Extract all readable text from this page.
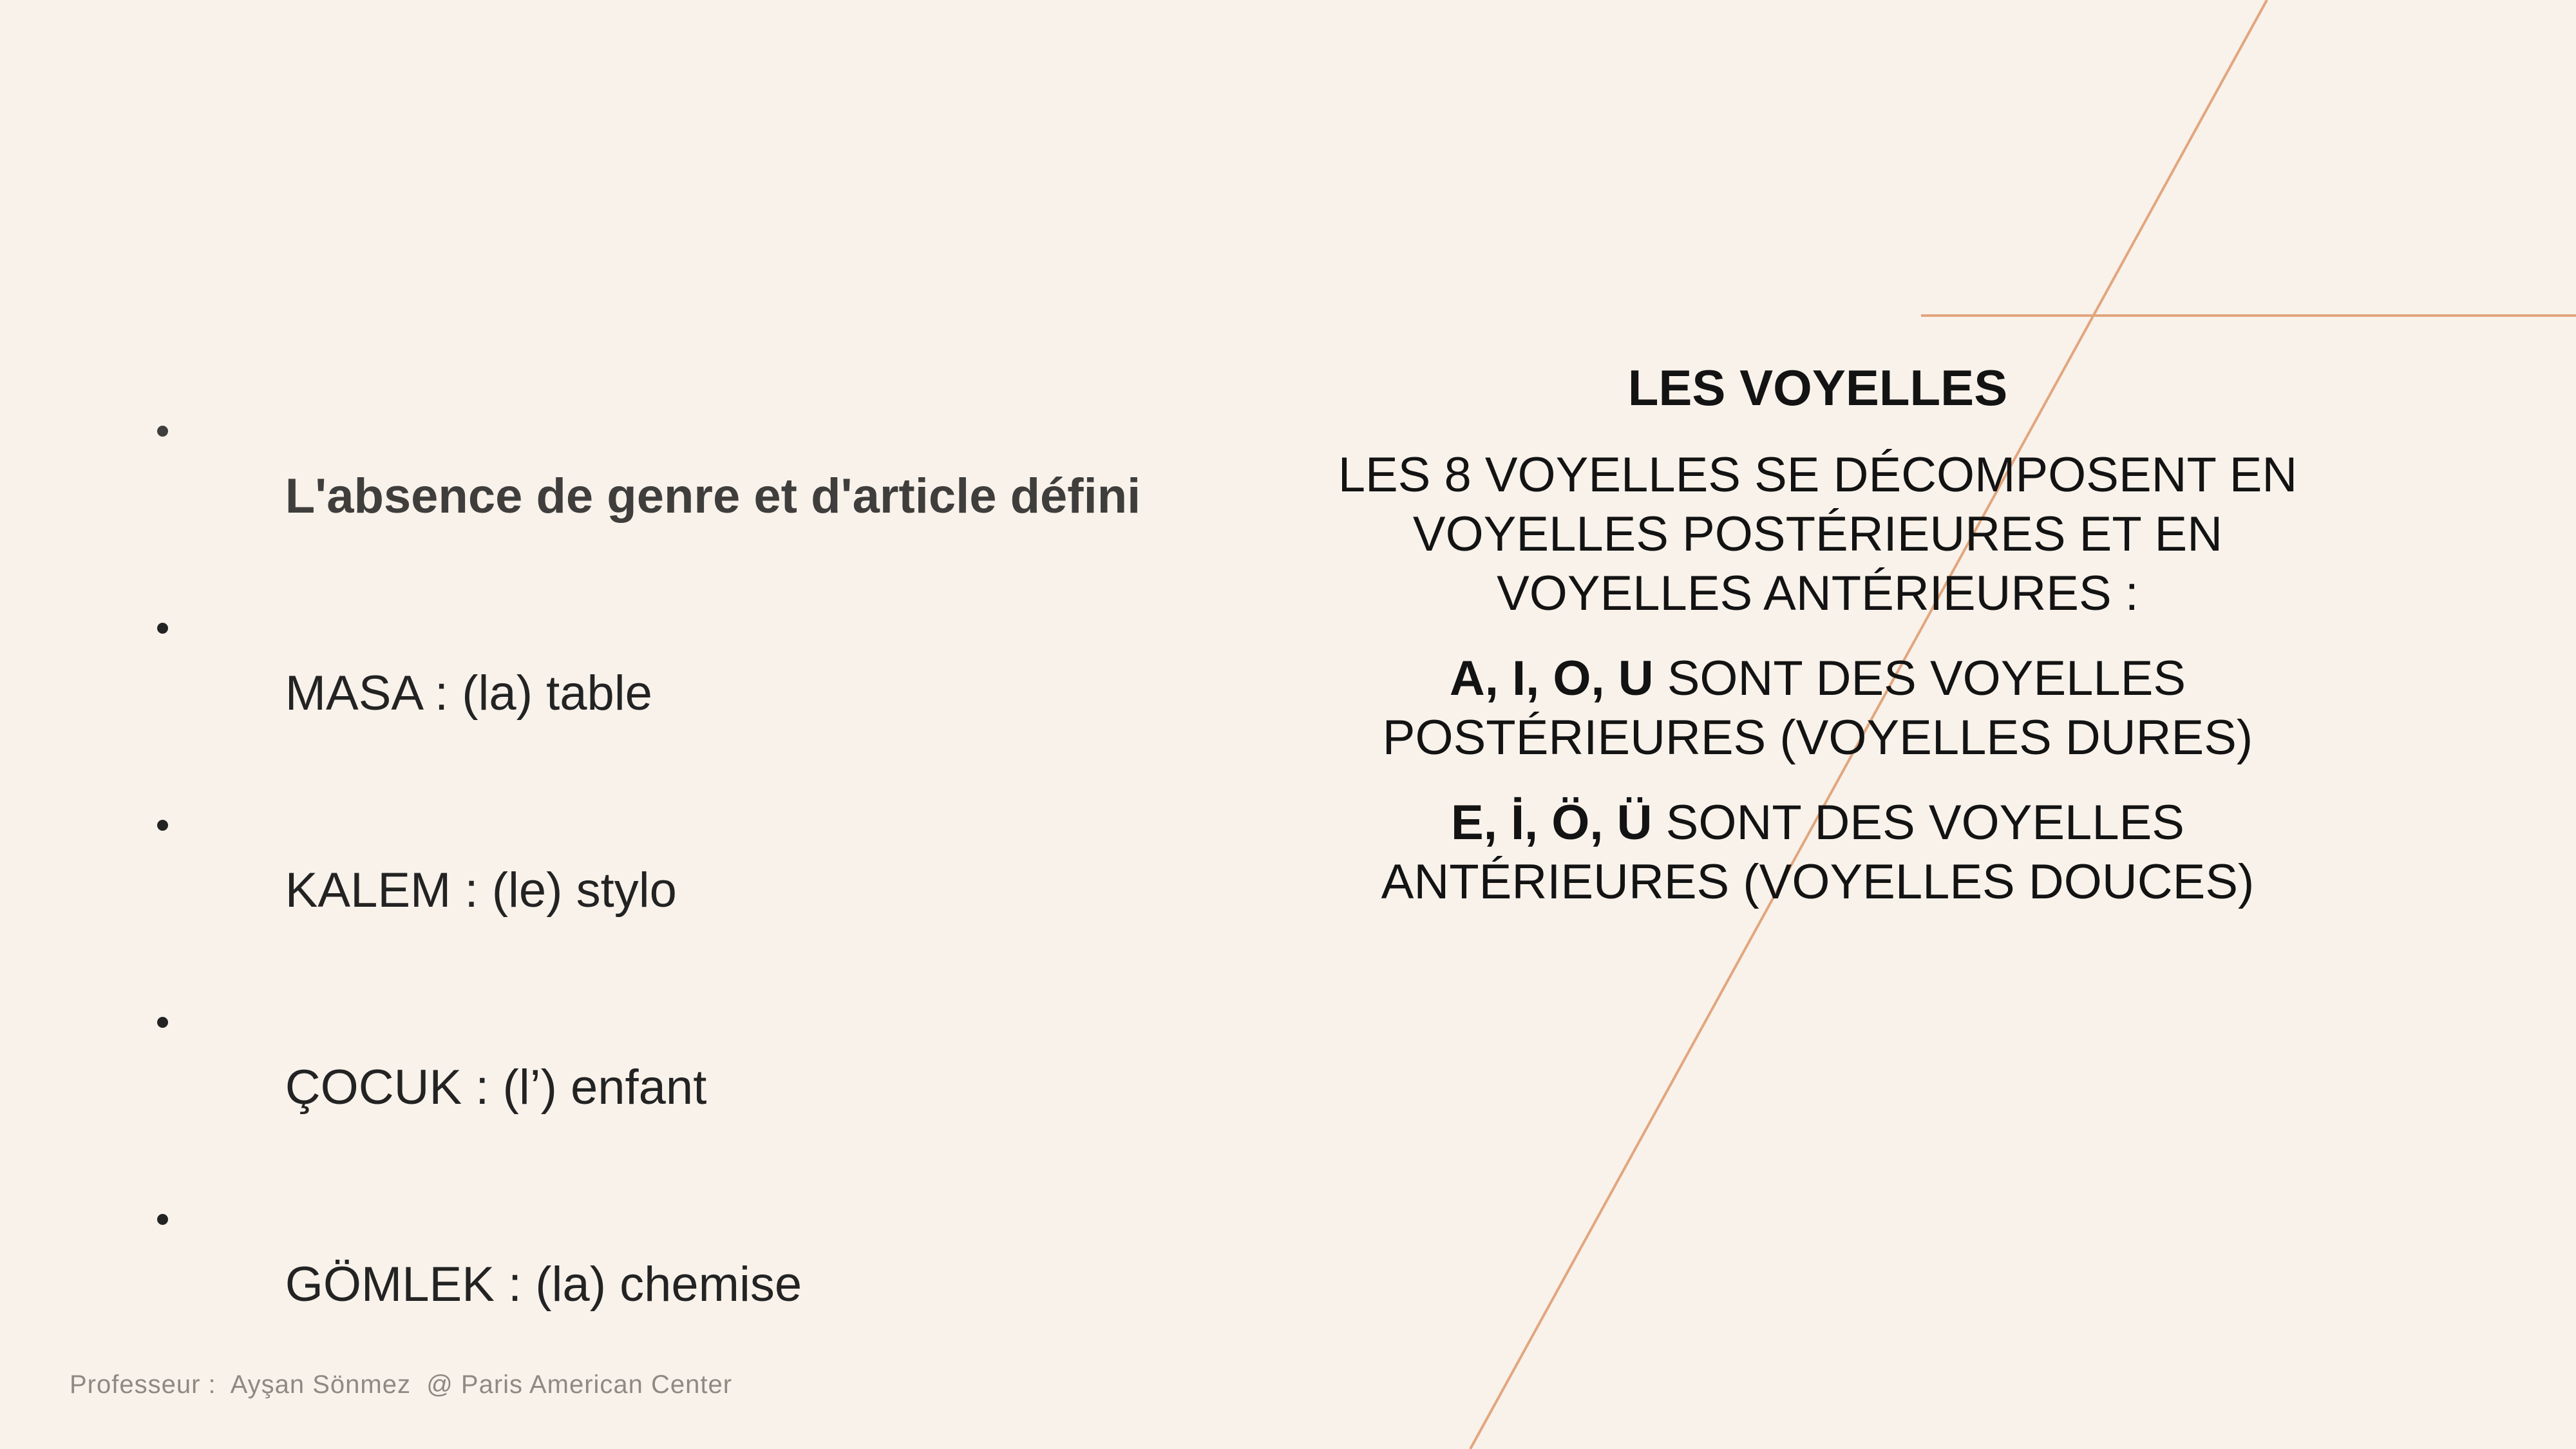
L'absence de genre et d'article défini

MASA : (la) table

KALEM : (le) stylo

ÇOCUK : (l’) enfant

GÖMLEK : (la) chemise

LES VOYELLES
LES 8 VOYELLES SE DÉCOMPOSENT EN
VOYELLES POSTÉRIEURES ET EN
VOYELLES ANTÉRIEURES :
A, I, O, U SONT DES VOYELLES
POSTÉRIEURES (VOYELLES DURES)
E, İ, Ö, Ü SONT DES VOYELLES
ANTÉRIEURES (VOYELLES DOUCES)
Professeur :  Ayşan Sönmez  @ Paris American Center
